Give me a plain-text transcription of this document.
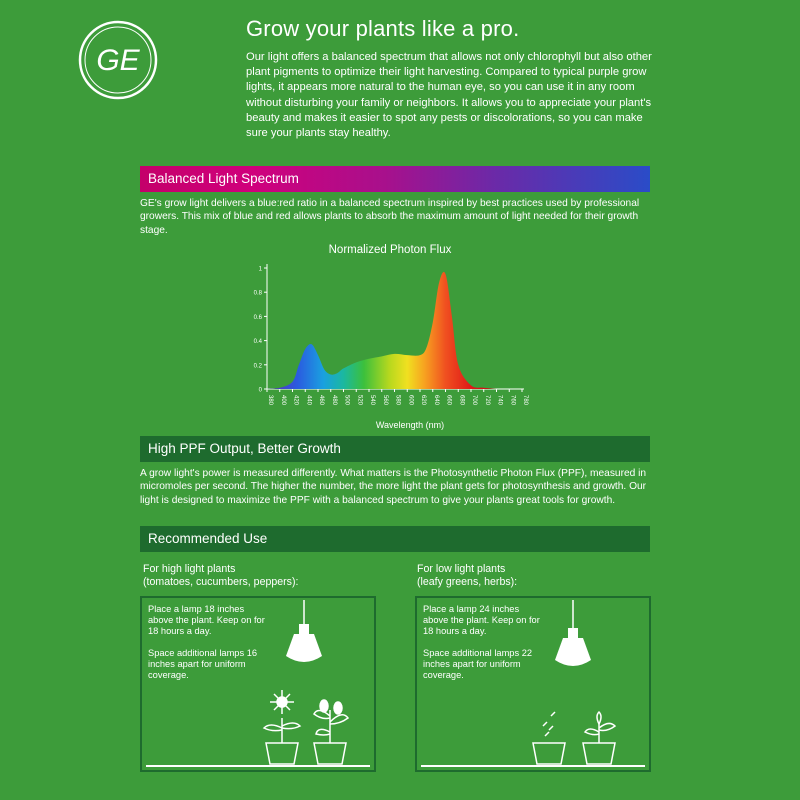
GE
Grow your plants like a pro.
Our light offers a balanced spectrum that allows not only chlorophyll but also other plant pigments to optimize their light harvesting. Compared to typical purple grow lights, it appears more natural to the human eye, so you can use it in any room without disturbing your family or neighbors. It allows you to appreciate your plant's beauty and makes it easier to spot any pests or discolorations, so you can make sure your plants stay healthy.
Balanced Light Spectrum
GE's grow light delivers a blue:red ratio in a balanced spectrum inspired by best practices used by professional growers. This mix of blue and red allows plants to absorb the maximum amount of light needed for their growth stage.
Normalized Photon Flux
0
0.2
0.4
0.6
0.8
1
380 400 420 440 460 480 500 520 540 560 580 600 620 640 660 680 700 720 740 760 780
Wavelength (nm)
High PPF Output, Better Growth
A grow light's power is measured differently. What matters is the Photosynthetic Photon Flux (PPF), measured in micromoles per second. The higher the number, the more light the plant gets for photosynthesis and growth. Our light is designed to maximize the PPF with a balanced spectrum to give your plants great tools for growth.
Recommended Use
For high light plants
(tomatoes, cucumbers, peppers):
For low light plants
(leafy greens, herbs):
Place a lamp 18 inches above the plant. Keep on for 18 hours a day.
Space additional lamps 16 inches apart for uniform coverage.
Place a lamp 24 inches above the plant. Keep on for 18 hours a day.
Space additional lamps 22 inches apart for uniform coverage.
